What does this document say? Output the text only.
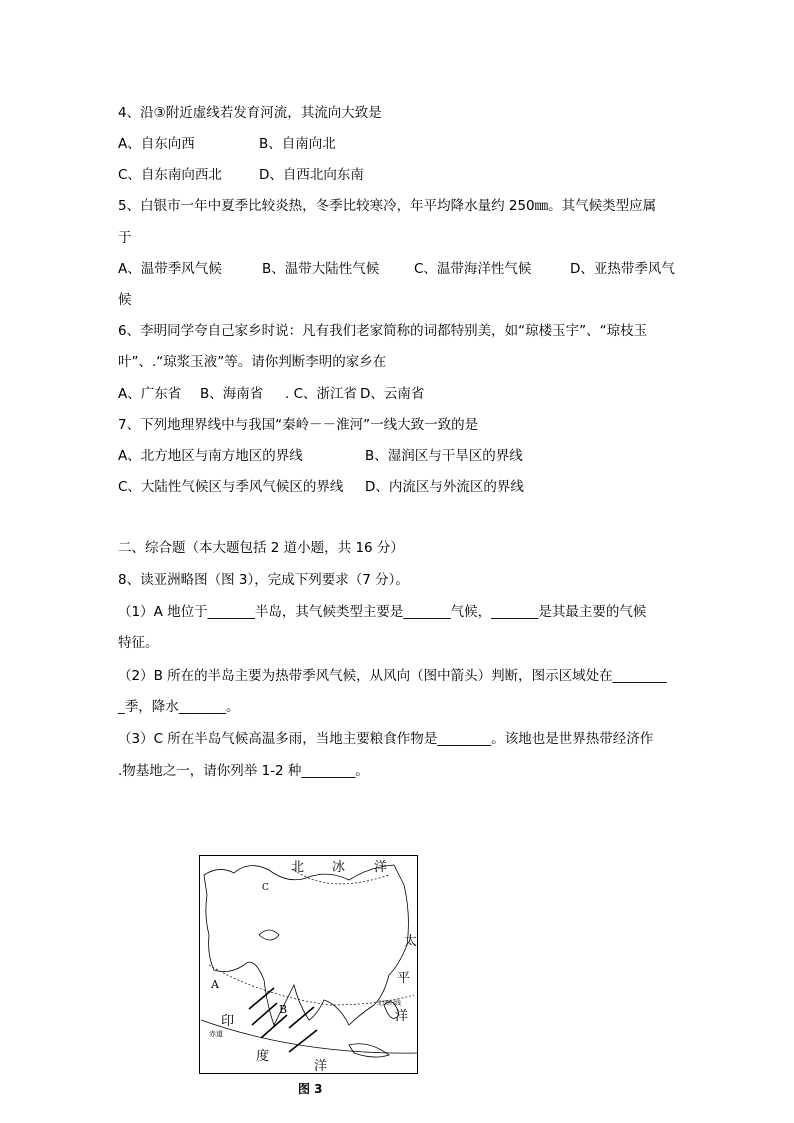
4、沿③附近虚线若发育河流，其流向大致是
A、自东向西	B、自南向北
C、自东南向西北	D、自西北向东南
5、白银市一年中夏季比较炎热，冬季比较寒冷，年平均降水量约 250㎜。其气候类型应属
于
A、温带季风气候	B、温带大陆性气候	C、温带海洋性气候	D、亚热带季风气
候
6、李明同学夸自己家乡时说：凡有我们老家简称的词都特别美，如“琼楼玉宇”、“琼枝玉
叶”、.“琼浆玉液”等。请你判断李明的家乡在
A、广东省 B、海南省 . C、浙江省 D、云南省
7、下列地理界线中与我国“秦岭－－淮河”一线大致一致的是
A、北方地区与南方地区的界线	B、湿润区与干旱区的界线
C、大陆性气候区与季风气候区的界线 D、内流区与外流区的界线
二、综合题（本大题包括 2 道小题，共 16 分）
8、读亚洲略图（图 3），完成下列要求（7 分）。
（1）A 地位于_______半岛，其气候类型主要是_______气候，_______是其最主要的气候
特征。
（2）B 所在的半岛主要为热带季风气候，从风向（图中箭头）判断，图示区域处在________
_季，降水_______。
（3）C 所在半岛气候高温多雨，当地主要粮食作物是________。该地也是世界热带经济作
.物基地之一，请你列举 1-2 种________。
北 冰 洋
太
平
洋
印
度
洋
A
B
C
赤道
北回归线
图 3
